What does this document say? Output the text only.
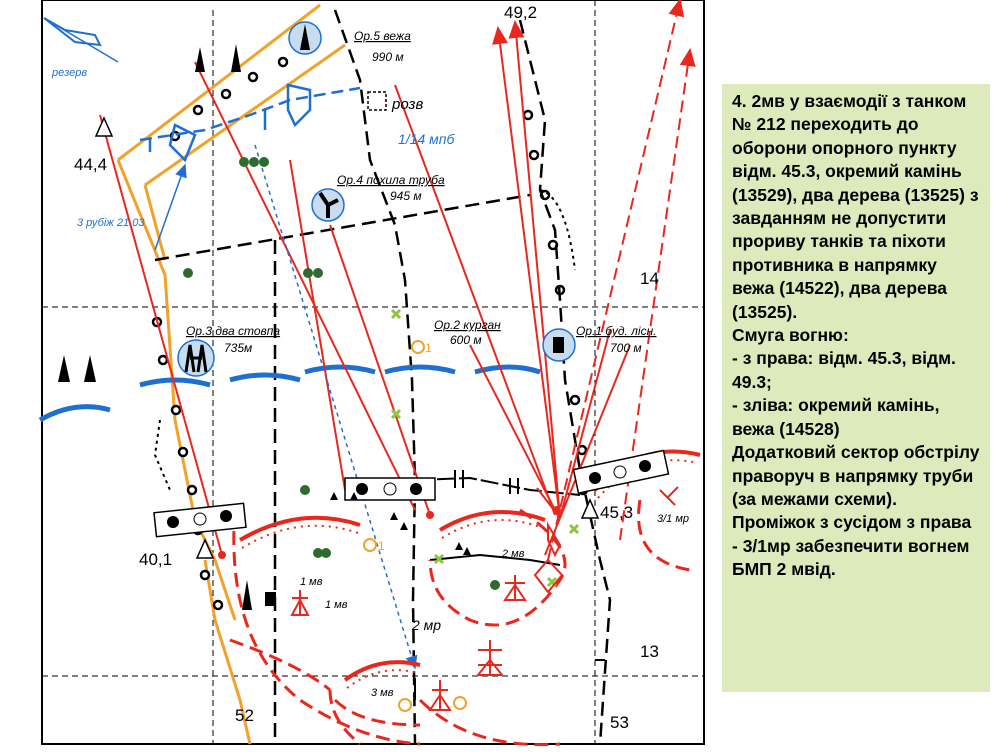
49,2
44,4
45,3
40,1
14
13
52	53
Ор.5 вежа
990 м
Ор.4 похила труба
945 м
Ор.3 два стовпа
735м
Ор.2 курган
600 м
Ор.1 буд. лісн.
700 м
резерв
розв
1/14 мпб
3 рубіж 21.03
1 мв
1 мв
2 мв
3 мв
2 мр
3/1 мр
1
1
4. 2мв у взаємодії з танком № 212 переходить до оборони опорного пункту відм. 45.3, окремий камінь (13529), два дерева (13525) з завданням не допустити прориву танків та піхоти противника в напрямку вежа (14522), два дерева (13525).
Смуга вогню:
- з права: відм. 45.3, відм. 49.3;
- зліва: окремий камінь, вежа (14528)
Додатковий сектор обстрілу праворуч в напрямку труби (за межами схеми).
Проміжок з сусідом з права - 3/1мр забезпечити вогнем БМП 2 мвід.
